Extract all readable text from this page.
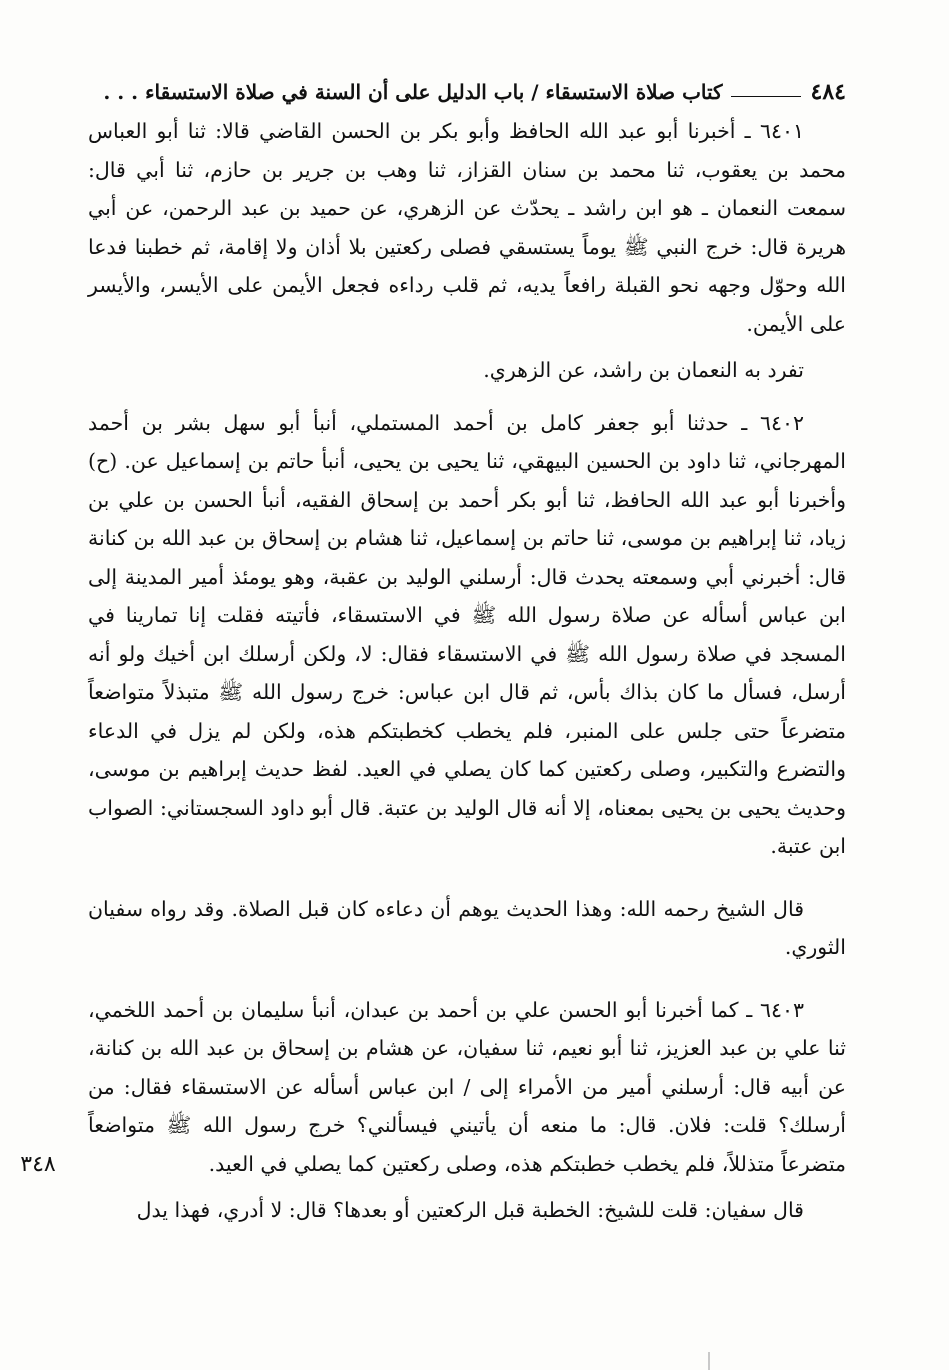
٤٨٤
كتاب صلاة الاستسقاء / باب الدليل على أن السنة في صلاة الاستسقاء . . .

٦٤٠١ ـ أخبرنا أبو عبد الله الحافظ وأبو بكر بن الحسن القاضي قالا: ثنا أبو العباس محمد بن يعقوب، ثنا محمد بن سنان القزاز، ثنا وهب بن جرير بن حازم، ثنا أبي قال: سمعت النعمان ـ هو ابن راشد ـ يحدّث عن الزهري، عن حميد بن عبد الرحمن، عن أبي هريرة قال: خرج النبي ﷺ يوماً يستسقي فصلى ركعتين بلا أذان ولا إقامة، ثم خطبنا فدعا الله وحوّل وجهه نحو القبلة رافعاً يديه، ثم قلب رداءه فجعل الأيمن على الأيسر، والأيسر على الأيمن.

تفرد به النعمان بن راشد، عن الزهري.

٦٤٠٢ ـ حدثنا أبو جعفر كامل بن أحمد المستملي، أنبأ أبو سهل بشر بن أحمد المهرجاني، ثنا داود بن الحسين البيهقي، ثنا يحيى بن يحيى، أنبأ حاتم بن إسماعيل عن. (ح) وأخبرنا أبو عبد الله الحافظ، ثنا أبو بكر أحمد بن إسحاق الفقيه، أنبأ الحسن بن علي بن زياد، ثنا إبراهيم بن موسى، ثنا حاتم بن إسماعيل، ثنا هشام بن إسحاق بن عبد الله بن كنانة قال: أخبرني أبي وسمعته يحدث قال: أرسلني الوليد بن عقبة، وهو يومئذ أمير المدينة إلى ابن عباس أسأله عن صلاة رسول الله ﷺ في الاستسقاء، فأتيته فقلت إنا تمارينا في المسجد في صلاة رسول الله ﷺ في الاستسقاء فقال: لا، ولكن أرسلك ابن أخيك ولو أنه أرسل، فسأل ما كان بذاك بأس، ثم قال ابن عباس: خرج رسول الله ﷺ متبذلاً متواضعاً متضرعاً حتى جلس على المنبر، فلم يخطب كخطبتكم هذه، ولكن لم يزل في الدعاء والتضرع والتكبير، وصلى ركعتين كما كان يصلي في العيد. لفظ حديث إبراهيم بن موسى، وحديث يحيى بن يحيى بمعناه، إلا أنه قال الوليد بن عتبة. قال أبو داود السجستاني: الصواب ابن عتبة.

قال الشيخ رحمه الله: وهذا الحديث يوهم أن دعاءه كان قبل الصلاة. وقد رواه سفيان الثوري.

٦٤٠٣ ـ كما أخبرنا أبو الحسن علي بن أحمد بن عبدان، أنبأ سليمان بن أحمد اللخمي، ثنا علي بن عبد العزيز، ثنا أبو نعيم، ثنا سفيان، عن هشام بن إسحاق بن عبد الله بن كنانة، عن أبيه قال: أرسلني أمير من الأمراء إلى / ابن عباس أسأله عن الاستسقاء فقال: من أرسلك؟ قلت: فلان. قال: ما منعه أن يأتيني فيسألني؟ خرج رسول الله ﷺ متواضعاً متضرعاً متذللاً، فلم يخطب خطبتكم هذه، وصلى ركعتين كما يصلي في العيد.

قال سفيان: قلت للشيخ: الخطبة قبل الركعتين أو بعدها؟ قال: لا أدري، فهذا يدل

٣٤٨
